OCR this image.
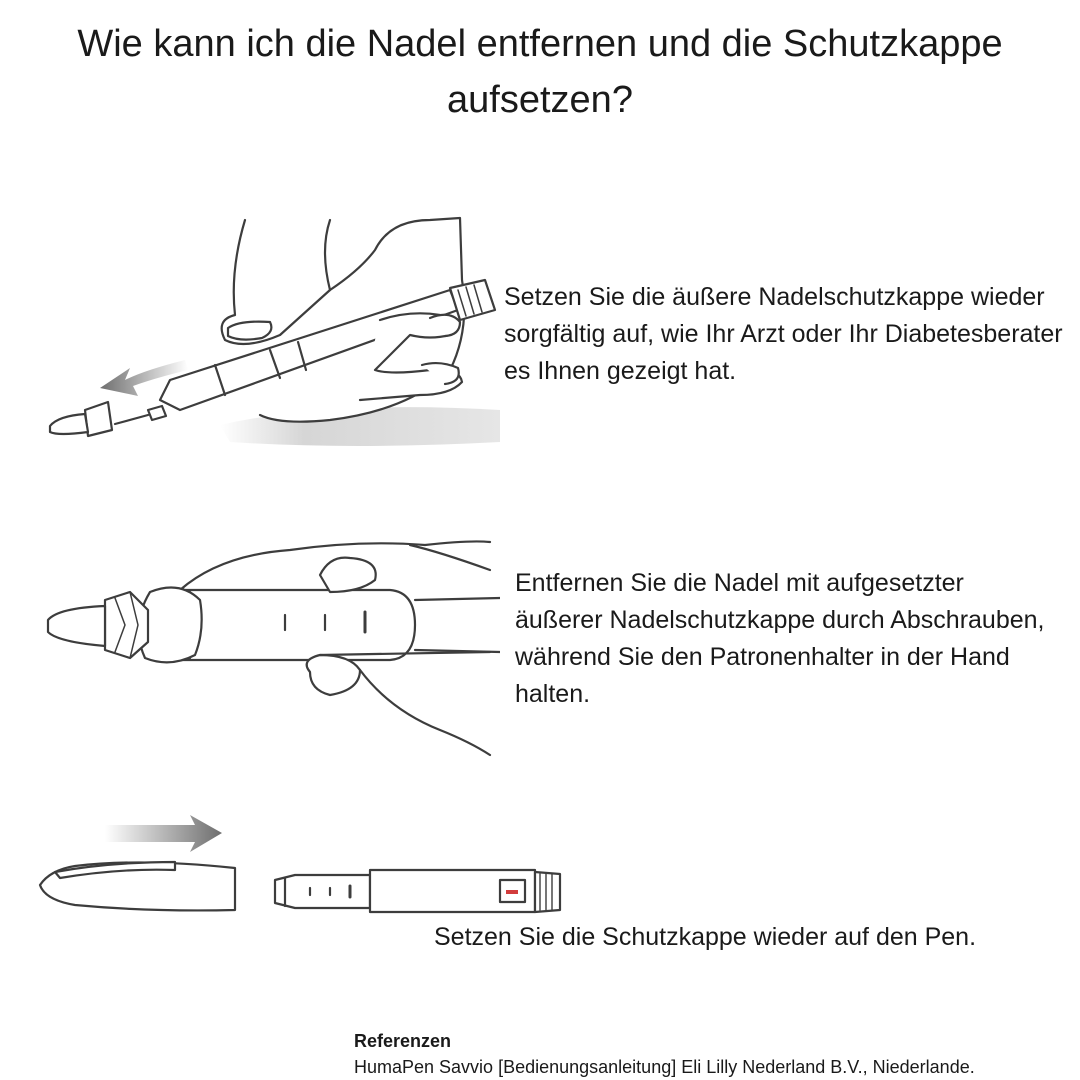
Wie kann ich die Nadel entfernen und die Schutzkappe aufsetzen?

Setzen Sie die äußere Nadelschutzkappe wieder sorgfältig auf, wie Ihr Arzt oder Ihr Diabetesberater es Ihnen gezeigt hat.

Entfernen Sie die Nadel mit aufgesetzter äußerer Nadelschutzkappe durch Abschrauben, während Sie den Patronenhalter in der Hand halten.

Setzen Sie die Schutzkappe wieder auf den Pen.

Referenzen
HumaPen Savvio [Bedienungsanleitung] Eli Lilly Nederland B.V., Niederlande.
